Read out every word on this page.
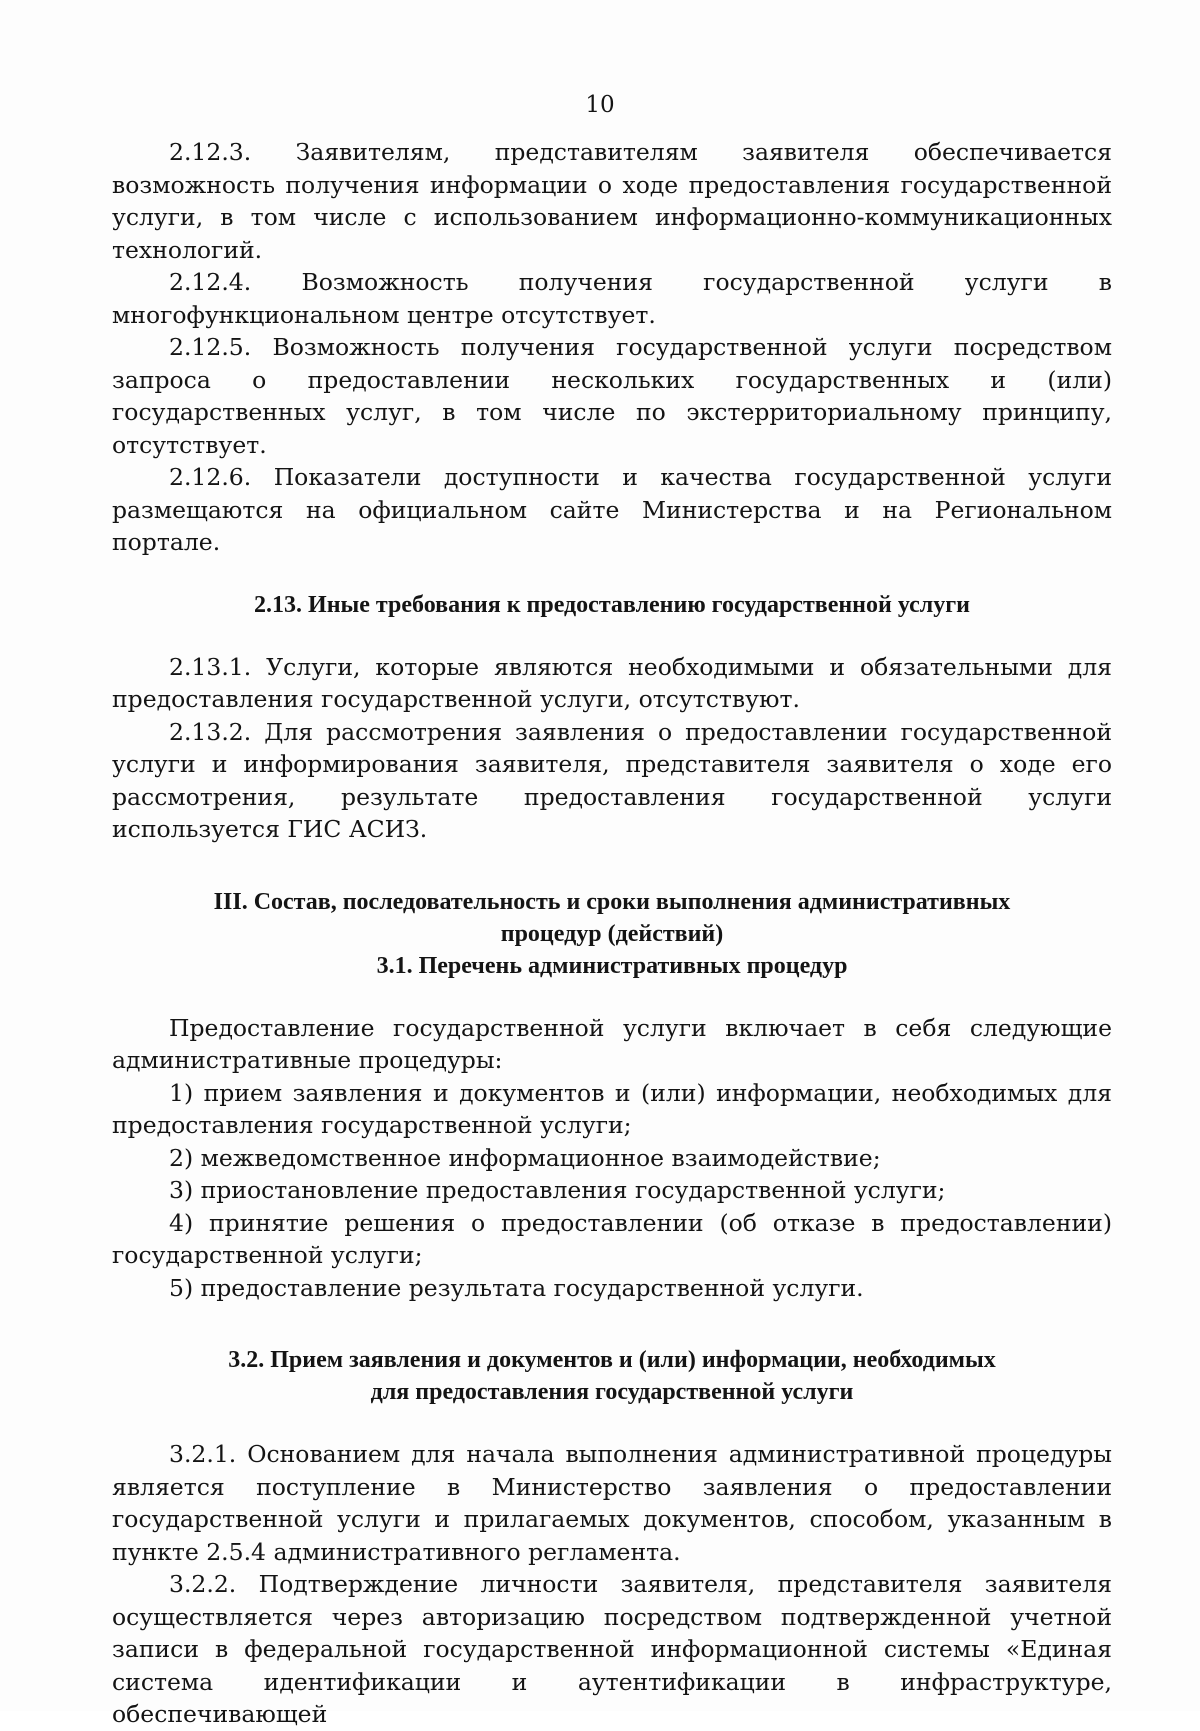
10

2.12.3. Заявителям, представителям заявителя обеспечивается возможность получения информации о ходе предоставления государственной услуги, в том числе с использованием информационно-коммуникационных технологий.

2.12.4. Возможность получения государственной услуги в многофункциональном центре отсутствует.

2.12.5. Возможность получения государственной услуги посредством запроса о предоставлении нескольких государственных и (или) государственных услуг, в том числе по экстерриториальному принципу, отсутствует.

2.12.6. Показатели доступности и качества государственной услуги размещаются на официальном сайте Министерства и на Региональном портале.

2.13. Иные требования к предоставлению государственной услуги

2.13.1. Услуги, которые являются необходимыми и обязательными для предоставления государственной услуги, отсутствуют.

2.13.2. Для рассмотрения заявления о предоставлении государственной услуги и информирования заявителя, представителя заявителя о ходе его рассмотрения, результате предоставления государственной услуги используется ГИС АСИЗ.

III. Состав, последовательность и сроки выполнения административных

процедур (действий)

3.1. Перечень административных процедур

Предоставление государственной услуги включает в себя следующие административные процедуры:

1) прием заявления и документов и (или) информации, необходимых для предоставления государственной услуги;

2) межведомственное информационное взаимодействие;

3) приостановление предоставления государственной услуги;

4) принятие решения о предоставлении (об отказе в предоставлении) государственной услуги;

5) предоставление результата государственной услуги.

3.2. Прием заявления и документов и (или) информации, необходимых

для предоставления государственной услуги

3.2.1. Основанием для начала выполнения административной процедуры является поступление в Министерство заявления о предоставлении государственной услуги и прилагаемых документов, способом, указанным в пункте 2.5.4 административного регламента.

3.2.2. Подтверждение личности заявителя, представителя заявителя осуществляется через авторизацию посредством подтвержденной учетной записи в федеральной государственной информационной системы «Единая система идентификации и аутентификации в инфраструктуре, обеспечивающей
